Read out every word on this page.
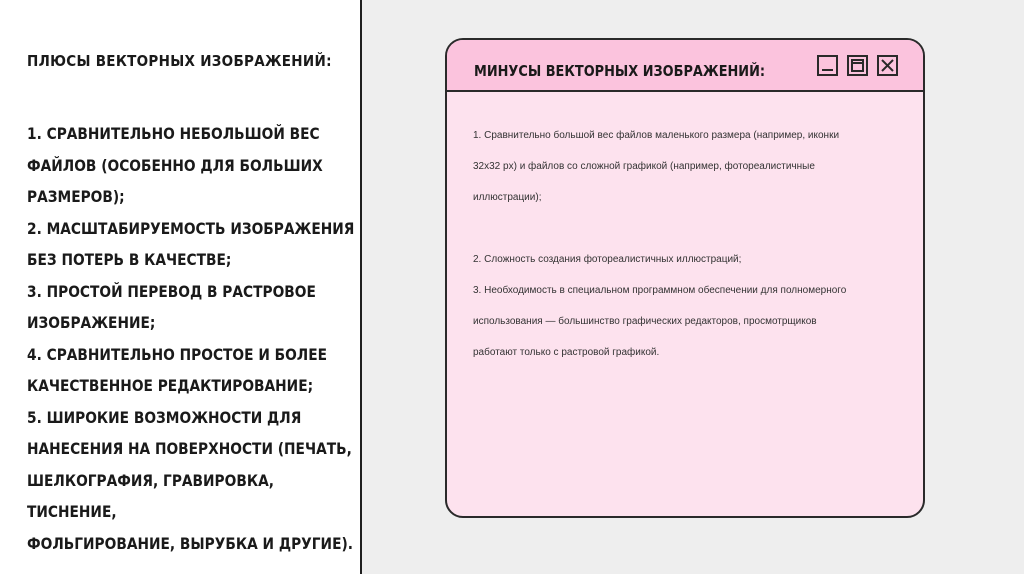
ПЛЮСЫ ВЕКТОРНЫХ ИЗОБРАЖЕНИЙ:
1. СРАВНИТЕЛЬНО НЕБОЛЬШОЙ ВЕС
ФАЙЛОВ (ОСОБЕННО ДЛЯ БОЛЬШИХ
РАЗМЕРОВ);
2. МАСШТАБИРУЕМОСТЬ ИЗОБРАЖЕНИЯ
БЕЗ ПОТЕРЬ В КАЧЕСТВЕ;
3. ПРОСТОЙ ПЕРЕВОД В РАСТРОВОЕ
ИЗОБРАЖЕНИЕ;
4. СРАВНИТЕЛЬНО ПРОСТОЕ И БОЛЕЕ
КАЧЕСТВЕННОЕ РЕДАКТИРОВАНИЕ;
5. ШИРОКИЕ ВОЗМОЖНОСТИ ДЛЯ
НАНЕСЕНИЯ НА ПОВЕРХНОСТИ (ПЕЧАТЬ,
ШЕЛКОГРАФИЯ, ГРАВИРОВКА, ТИСНЕНИЕ,
ФОЛЬГИРОВАНИЕ, ВЫРУБКА И ДРУГИЕ).
МИНУСЫ ВЕКТОРНЫХ ИЗОБРАЖЕНИЙ:

1. Сравнительно большой вес файлов маленького размера (например, иконки

32x32 px) и файлов со сложной графикой (например, фотореалистичные

иллюстрации);

2. Сложность создания фотореалистичных иллюстраций;

3. Необходимость в специальном программном обеспечении для полномерного

использования — большинство графических редакторов, просмотрщиков

работают только с растровой графикой.
